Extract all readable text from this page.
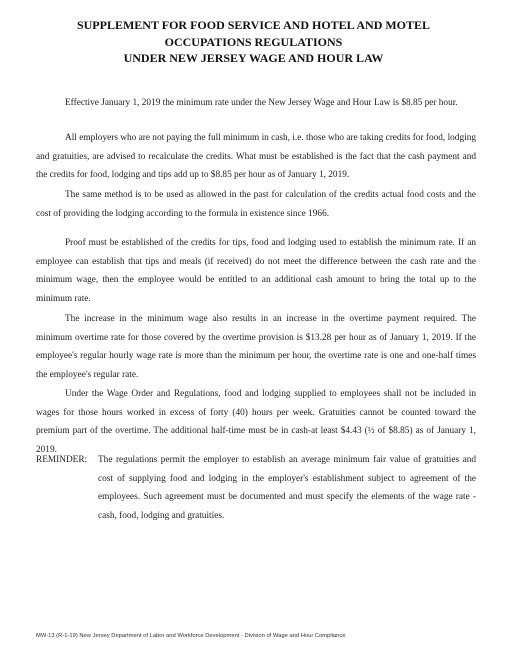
SUPPLEMENT FOR FOOD SERVICE AND HOTEL AND MOTEL
OCCUPATIONS REGULATIONS
UNDER NEW JERSEY WAGE AND HOUR LAW

Effective January 1, 2019 the minimum rate under the New Jersey Wage and Hour Law is $8.85 per hour.

All employers who are not paying the full minimum in cash, i.e. those who are taking credits for food, lodging and gratuities, are advised to recalculate the credits. What must be established is the fact that the cash payment and the credits for food, lodging and tips add up to $8.85 per hour as of January 1, 2019.

The same method is to be used as allowed in the past for calculation of the credits actual food costs and the cost of providing the lodging according to the formula in existence since 1966.

Proof must be established of the credits for tips, food and lodging used to establish the minimum rate. If an employee can establish that tips and meals (if received) do not meet the difference between the cash rate and the minimum wage, then the employee would be entitled to an additional cash amount to bring the total up to the minimum rate.

The increase in the minimum wage also results in an increase in the overtime payment required. The minimum overtime rate for those covered by the overtime provision is $13.28 per hour as of January 1, 2019. If the employee's regular hourly wage rate is more than the minimum per hour, the overtime rate is one and one-half times the employee's regular rate.

Under the Wage Order and Regulations, food and lodging supplied to employees shall not be included in wages for those hours worked in excess of forty (40) hours per week. Gratuities cannot be counted toward the premium part of the overtime. The additional half-time must be in cash-at least $4.43 (½ of $8.85) as of January 1, 2019.

REMINDER: The regulations permit the employer to establish an average minimum fair value of gratuities and cost of supplying food and lodging in the employer's establishment subject to agreement of the employees. Such agreement must be documented and must specify the elements of the wage rate - cash, food, lodging and gratuities.
MW-13 (R-1-19) New Jersey Department of Labor and Workforce Development - Division of Wage and Hour Compliance
